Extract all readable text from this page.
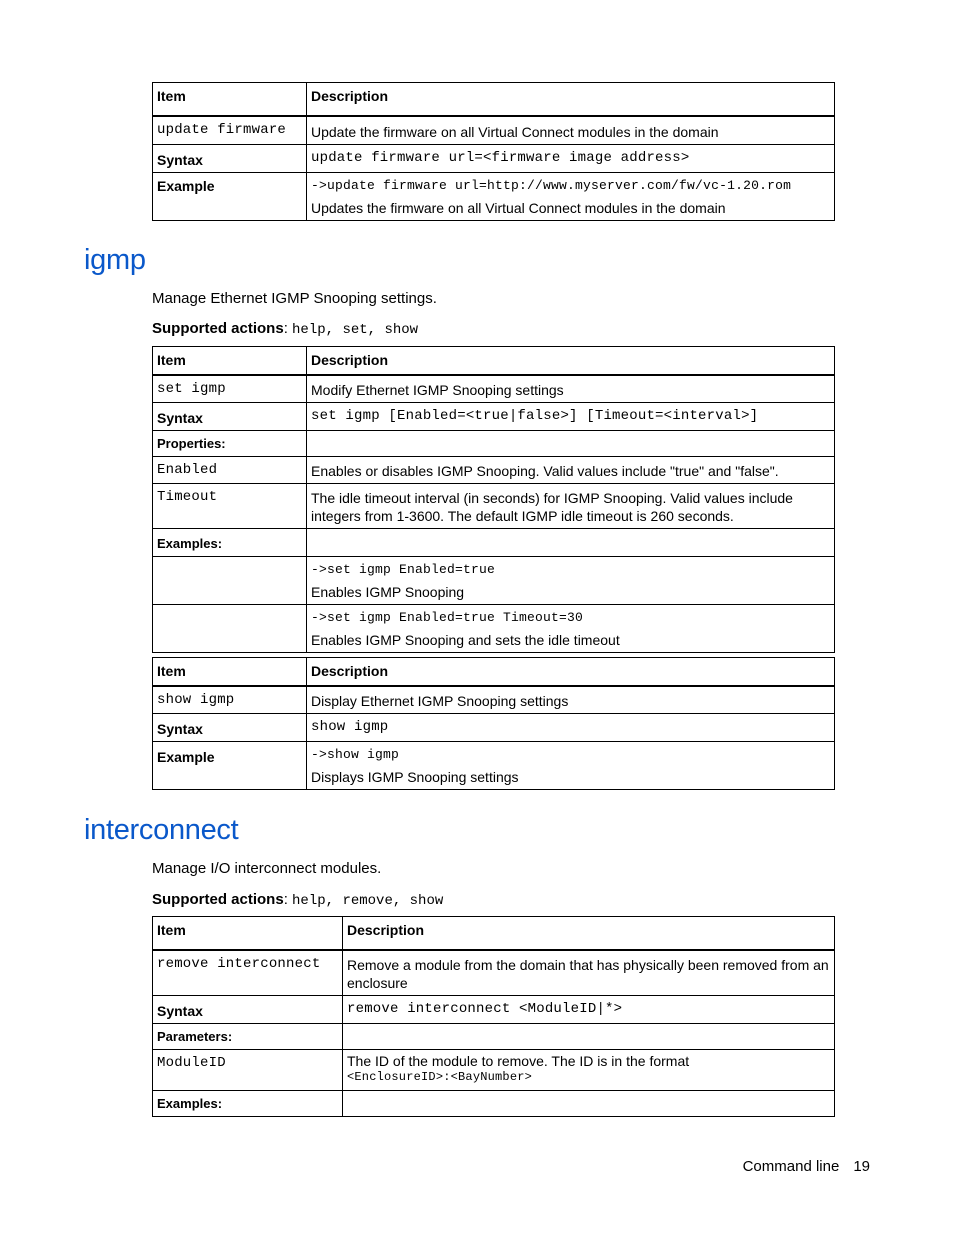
Item	Description
update firmware	Update the firmware on all Virtual Connect modules in the domain
Syntax	update firmware url=<firmware image address>
Example	->update firmware url=http://www.myserver.com/fw/vc-1.20.rom
Updates the firmware on all Virtual Connect modules in the domain
igmp
Manage Ethernet IGMP Snooping settings.
Supported actions: help, set, show
Item	Description
set igmp	Modify Ethernet IGMP Snooping settings
Syntax	set igmp [Enabled=<true|false>] [Timeout=<interval>]
Properties:	
Enabled	Enables or disables IGMP Snooping. Valid values include "true" and "false".
Timeout	The idle timeout interval (in seconds) for IGMP Snooping. Valid values include integers from 1-3600. The default IGMP idle timeout is 260 seconds.
Examples:	

	->set igmp Enabled=true
Enables IGMP Snooping

	->set igmp Enabled=true Timeout=30
Enables IGMP Snooping and sets the idle timeout
Item	Description
show igmp	Display Ethernet IGMP Snooping settings
Syntax	show igmp
Example	->show igmp
Displays IGMP Snooping settings
interconnect
Manage I/O interconnect modules.
Supported actions: help, remove, show
Item	Description
remove interconnect	Remove a module from the domain that has physically been removed from an enclosure
Syntax	remove interconnect <ModuleID|*>
Parameters:	
ModuleID	The ID of the module to remove. The ID is in the format
<EnclosureID>:<BayNumber>

Examples:	
Command line 19
